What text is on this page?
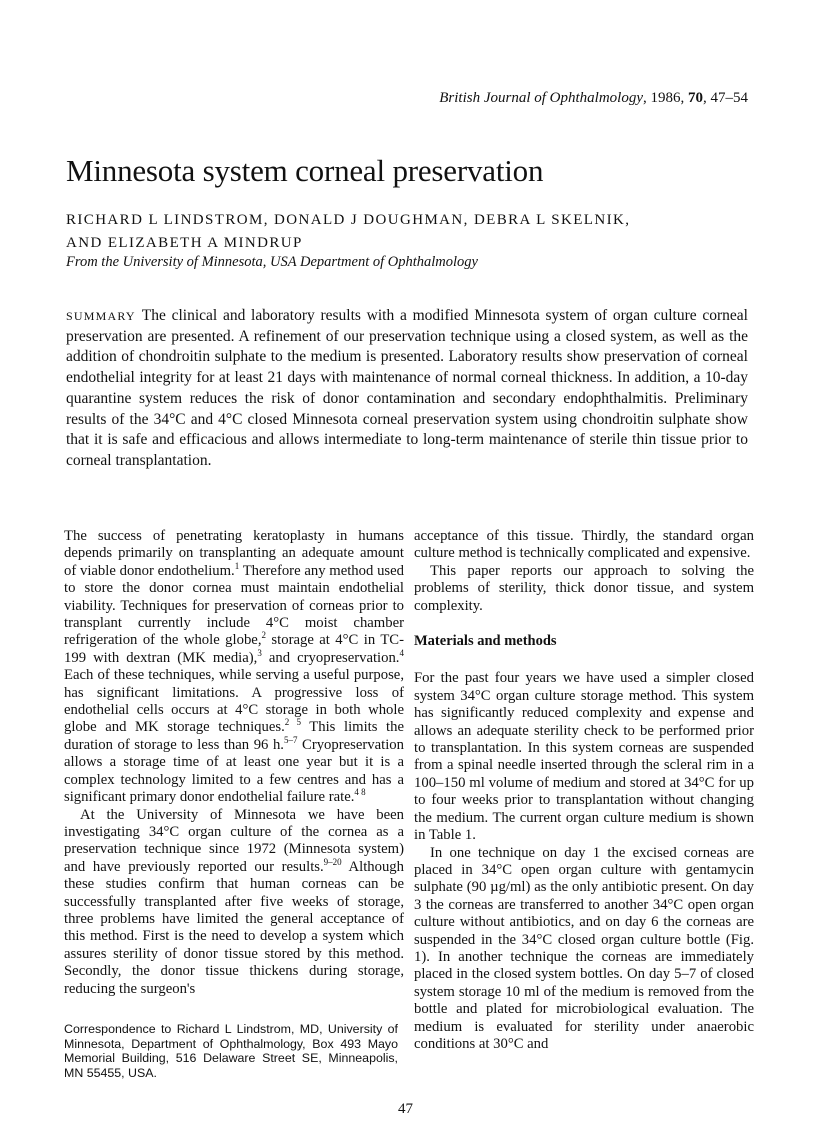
British Journal of Ophthalmology, 1986, 70, 47–54
Minnesota system corneal preservation
RICHARD L LINDSTROM, DONALD J DOUGHMAN, DEBRA L SKELNIK,
AND ELIZABETH A MINDRUP
From the University of Minnesota, USA Department of Ophthalmology

SUMMARY The clinical and laboratory results with a modified Minnesota system of organ culture corneal preservation are presented. A refinement of our preservation technique using a closed system, as well as the addition of chondroitin sulphate to the medium is presented. Laboratory results show preservation of corneal endothelial integrity for at least 21 days with maintenance of normal corneal thickness. In addition, a 10-day quarantine system reduces the risk of donor contamination and secondary endophthalmitis. Preliminary results of the 34°C and 4°C closed Minnesota corneal preservation system using chondroitin sulphate show that it is safe and efficacious and allows intermediate to long-term maintenance of sterile thin tissue prior to corneal transplantation.

The success of penetrating keratoplasty in humans depends primarily on transplanting an adequate amount of viable donor endothelium.$^1$ Therefore any method used to store the donor cornea must maintain endothelial viability. Techniques for preservation of corneas prior to transplant currently include 4°C moist chamber refrigeration of the whole globe,$^2$ storage at 4°C in TC-199 with dextran (MK media),$^3$ and cryopreservation.$^4$ Each of these techniques, while serving a useful purpose, has significant limitations. A progressive loss of endothelial cells occurs at 4°C storage in both whole globe and MK storage techniques.$^{2 5}$ This limits the duration of storage to less than 96 h.$^{5-7}$ Cryopreservation allows a storage time of at least one year but it is a complex technology limited to a few centres and has a significant primary donor endothelial failure rate.$^{4 8}$

At the University of Minnesota we have been investigating 34°C organ culture of the cornea as a preservation technique since 1972 (Minnesota system) and have previously reported our results.$^{9-20}$ Although these studies confirm that human corneas can be successfully transplanted after five weeks of storage, three problems have limited the general acceptance of this method. First is the need to develop a system which assures sterility of donor tissue stored by this method. Secondly, the donor tissue thickens during storage, reducing the surgeon's

acceptance of this tissue. Thirdly, the standard organ culture method is technically complicated and expensive.

This paper reports our approach to solving the problems of sterility, thick donor tissue, and system complexity.

Materials and methods

For the past four years we have used a simpler closed system 34°C organ culture storage method. This system has significantly reduced complexity and expense and allows an adequate sterility check to be performed prior to transplantation. In this system corneas are suspended from a spinal needle inserted through the scleral rim in a 100–150 ml volume of medium and stored at 34°C for up to four weeks prior to transplantation without changing the medium. The current organ culture medium is shown in Table 1.

In one technique on day 1 the excised corneas are placed in 34°C open organ culture with gentamycin sulphate (90 µg/ml) as the only antibiotic present. On day 3 the corneas are transferred to another 34°C open organ culture without antibiotics, and on day 6 the corneas are suspended in the 34°C closed organ culture bottle (Fig. 1). In another technique the corneas are immediately placed in the closed system bottles. On day 5–7 of closed system storage 10 ml of the medium is removed from the bottle and plated for microbiological evaluation. The medium is evaluated for sterility under anaerobic conditions at 30°C and

Correspondence to Richard L Lindstrom, MD, University of Minnesota, Department of Ophthalmology, Box 493 Mayo Memorial Building, 516 Delaware Street SE, Minneapolis, MN 55455, USA.
47
